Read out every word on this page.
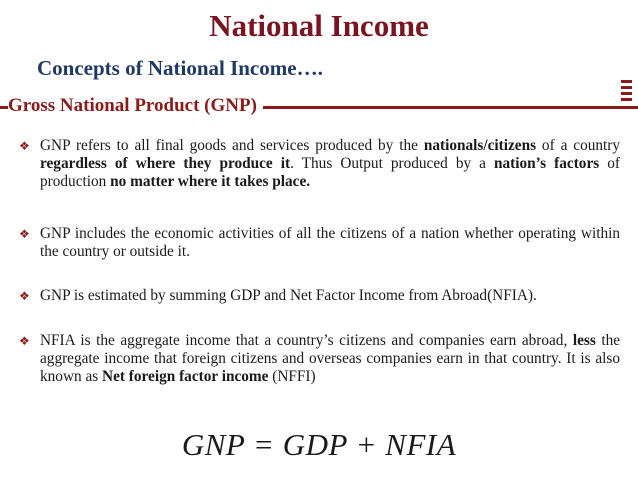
National Income
Concepts of National Income….
Gross National Product (GNP)
❖ GNP refers to all final goods and services produced by the nationals/citizens of a country regardless of where they produce it. Thus Output produced by a nation’s factors of production no matter where it takes place.
❖ GNP includes the economic activities of all the citizens of a nation whether operating within the country or outside it.
❖ GNP is estimated by summing GDP and Net Factor Income from Abroad(NFIA).
❖ NFIA is the aggregate income that a country’s citizens and companies earn abroad, less the aggregate income that foreign citizens and overseas companies earn in that country. It is also known as Net foreign factor income (NFFI)
GNP = GDP + NFIA
